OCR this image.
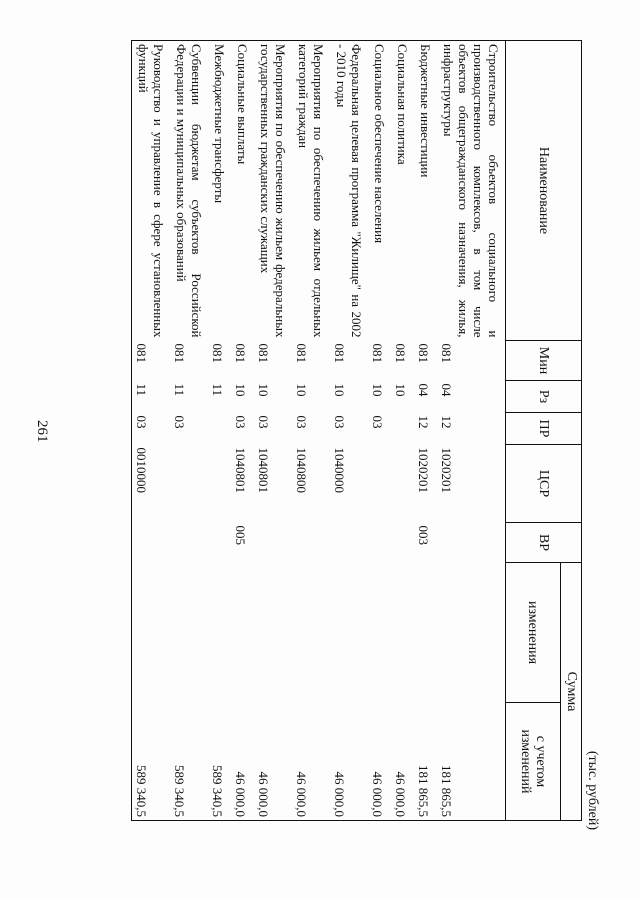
261
(тыс. рублей)
Наименование	Мин	Рз	ПР	ЦСР	ВР	Сумма	
						изменения	с учетом изменений
Строительство объектов социального и производственного комплексов, в том числе объектов общегражданского назначения, жилья, инфраструктуры	081	04	12	1020201			181 865,5
Бюджетные инвестиции	081	04	12	1020201	003		181 865,5
Социальная политика	081	10					46 000,0
Социальное обеспечение населения	081	10	03				46 000,0
Федеральная целевая программа "Жилище" на 2002 - 2010 годы	081	10	03	1040000			46 000,0
Мероприятия по обеспечению жильем отдельных категорий граждан	081	10	03	1040800			46 000,0
Мероприятия по обеспечению жильем федеральных государственных гражданских служащих	081	10	03	1040801			46 000,0
Социальные выплаты	081	10	03	1040801	005		46 000,0
Межбюджетные трансферты	081	11					589 340,5
Субвенции бюджетам субъектов Российской Федерации и муниципальных образований	081	11	03				589 340,5
Руководство и управление в сфере установленных функций	081	11	03	0010000			589 340,5
